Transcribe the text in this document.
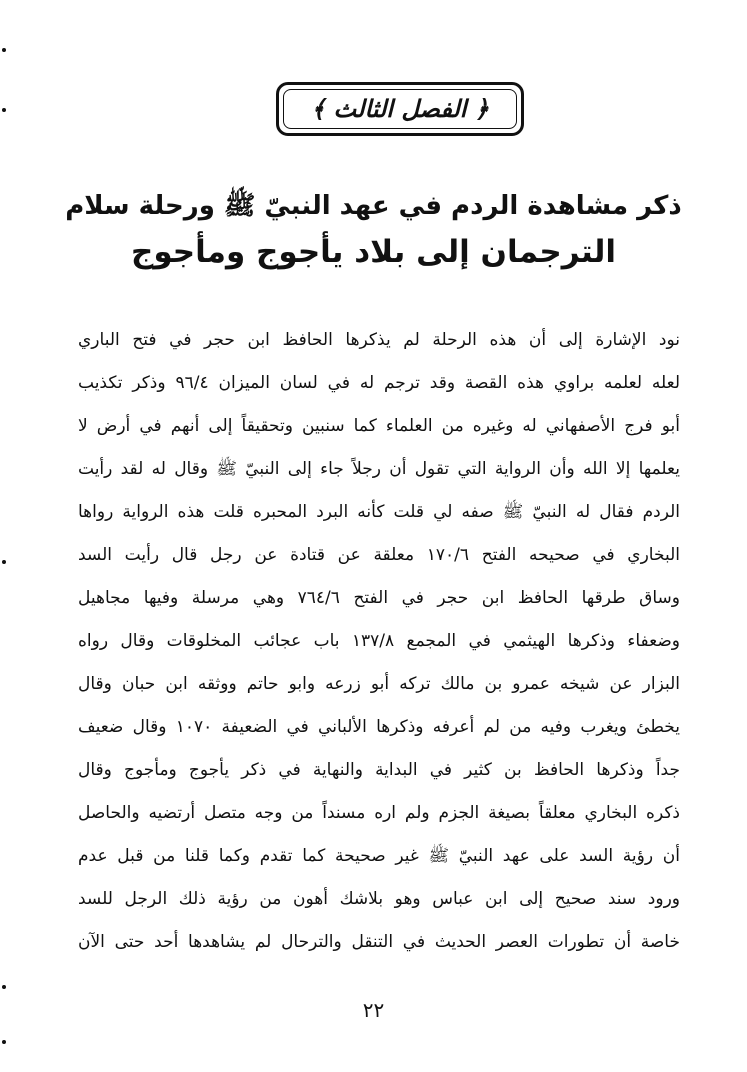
﴿ الفصل الثالث ﴾
ذكر مشاهدة الردم في عهد النبيّ ﷺ ورحلة سلام
الترجمان إلى بلاد يأجوج ومأجوج
نود الإشارة إلى أن هذه الرحلة لم يذكرها الحافظ ابن حجر في فتح الباري
لعله لعلمه براوي هذه القصة وقد ترجم له في لسان الميزان ٩٦/٤ وذكر تكذيب
أبو فرج الأصفهاني له وغيره من العلماء كما سنبين وتحقيقاً إلى أنهم في أرض لا
يعلمها إلا الله وأن الرواية التي تقول أن رجلاً جاء إلى النبيّ ﷺ وقال له لقد رأيت
الردم فقال له النبيّ ﷺ صفه لي قلت كأنه البرد المحبره قلت هذه الرواية رواها
البخاري في صحيحه الفتح ١٧٠/٦ معلقة عن قتادة عن رجل قال رأيت السد
وساق طرقها الحافظ ابن حجر في الفتح ٧٦٤/٦ وهي مرسلة وفيها مجاهيل
وضعفاء وذكرها الهيثمي في المجمع ١٣٧/٨ باب عجائب المخلوقات وقال رواه
البزار عن شيخه عمرو بن مالك تركه أبو زرعه وابو حاتم ووثقه ابن حبان وقال
يخطئ ويغرب وفيه من لم أعرفه وذكرها الألباني في الضعيفة ١٠٧٠ وقال ضعيف
جداً وذكرها الحافظ بن كثير في البداية والنهاية في ذكر يأجوج ومأجوج وقال
ذكره البخاري معلقاً بصيغة الجزم ولم اره مسنداً من وجه متصل أرتضيه والحاصل
أن رؤية السد على عهد النبيّ ﷺ غير صحيحة كما تقدم وكما قلنا من قبل عدم
ورود سند صحيح إلى ابن عباس وهو بلاشك أهون من رؤية ذلك الرجل للسد
خاصة أن تطورات العصر الحديث في التنقل والترحال لم يشاهدها أحد حتى الآن
٢٢
